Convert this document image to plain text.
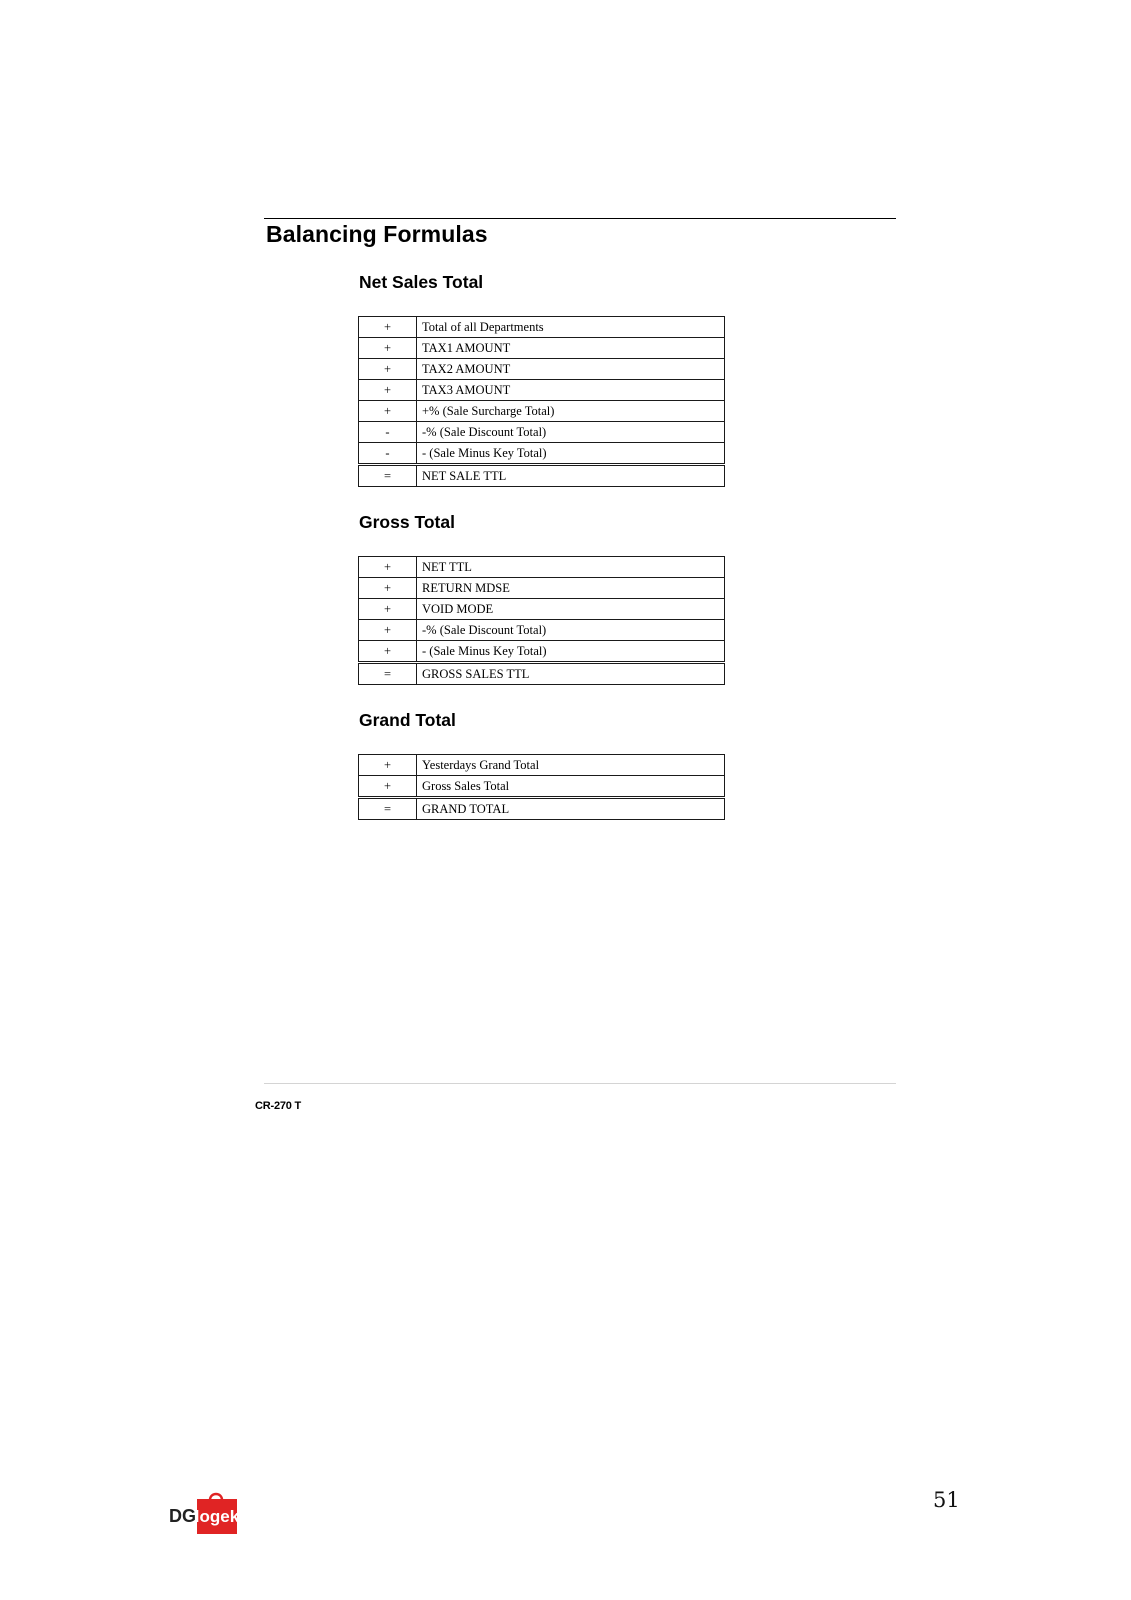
Balancing Formulas
Net Sales Total
+	Total of all Departments
+	TAX1 AMOUNT
+	TAX2 AMOUNT
+	TAX3 AMOUNT
+	+% (Sale Surcharge Total)
-	-% (Sale Discount Total)
-	- (Sale Minus Key Total)
=	NET SALE TTL
Gross Total
+	NET TTL
+	RETURN MDSE
+	VOID MODE
+	-% (Sale Discount Total)
+	- (Sale Minus Key Total)
=	GROSS SALES TTL
Grand Total
+	Yesterdays Grand Total
+	Gross Sales Total
=	GRAND TOTAL
CR-270 T
DG
logek
51
